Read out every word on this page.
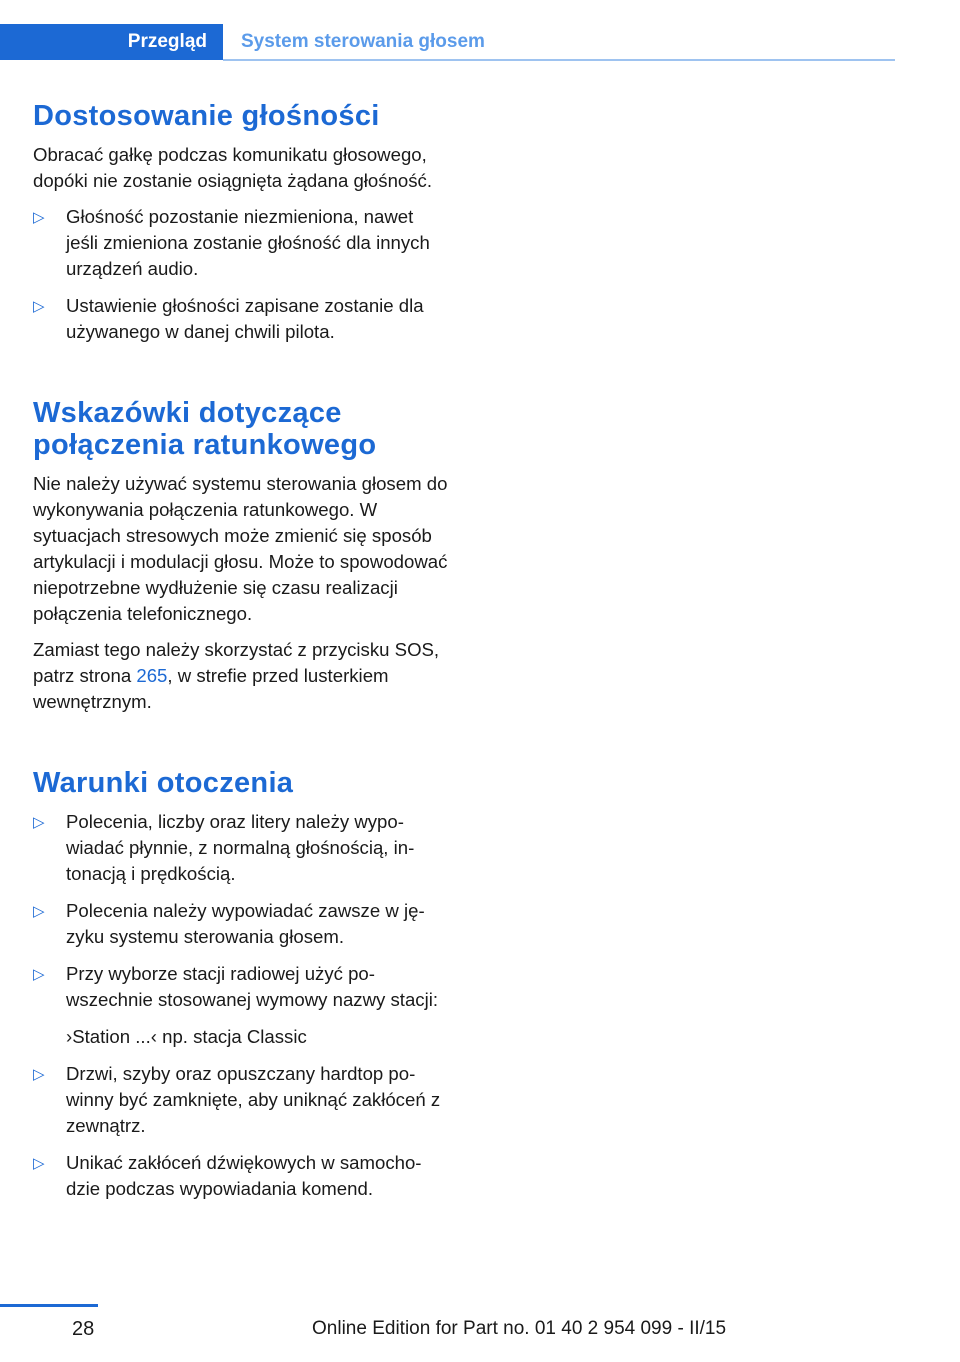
Przegląd System sterowania głosem
Dostosowanie głośności

Obracać gałkę podczas komunikatu głosowego, dopóki nie zostanie osiągnięta żądana głośność.

▷ Głośność pozostanie niezmieniona, nawet jeśli zmieniona zostanie głośność dla innych urządzeń audio.
▷ Ustawienie głośności zapisane zostanie dla używanego w danej chwili pilota.
Wskazówki dotyczące połączenia ratunkowego

Nie należy używać systemu sterowania głosem do wykonywania połączenia ratunkowego. W sytuacjach stresowych może zmienić się sposób artykulacji i modulacji głosu. Może to spowodować niepotrzebne wydłużenie się czasu realizacji połączenia telefonicznego.

Zamiast tego należy skorzystać z przycisku SOS, patrz strona 265, w strefie przed lusterkiem wewnętrznym.

Warunki otoczenia
▷ Polecenia, liczby oraz litery należy wypowiadać płynnie, z normalną głośnością, intonacją i prędkością.
▷ Polecenia należy wypowiadać zawsze w języku systemu sterowania głosem.
▷ Przy wyborze stacji radiowej użyć powszechnie stosowanej wymowy nazwy stacji:
›Station ...‹ np. stacja Classic
▷ Drzwi, szyby oraz opuszczany hardtop powinny być zamknięte, aby uniknąć zakłóceń z zewnątrz.
▷ Unikać zakłóceń dźwiękowych w samochodzie podczas wypowiadania komend.
28	Online Edition for Part no. 01 40 2 954 099 - II/15
